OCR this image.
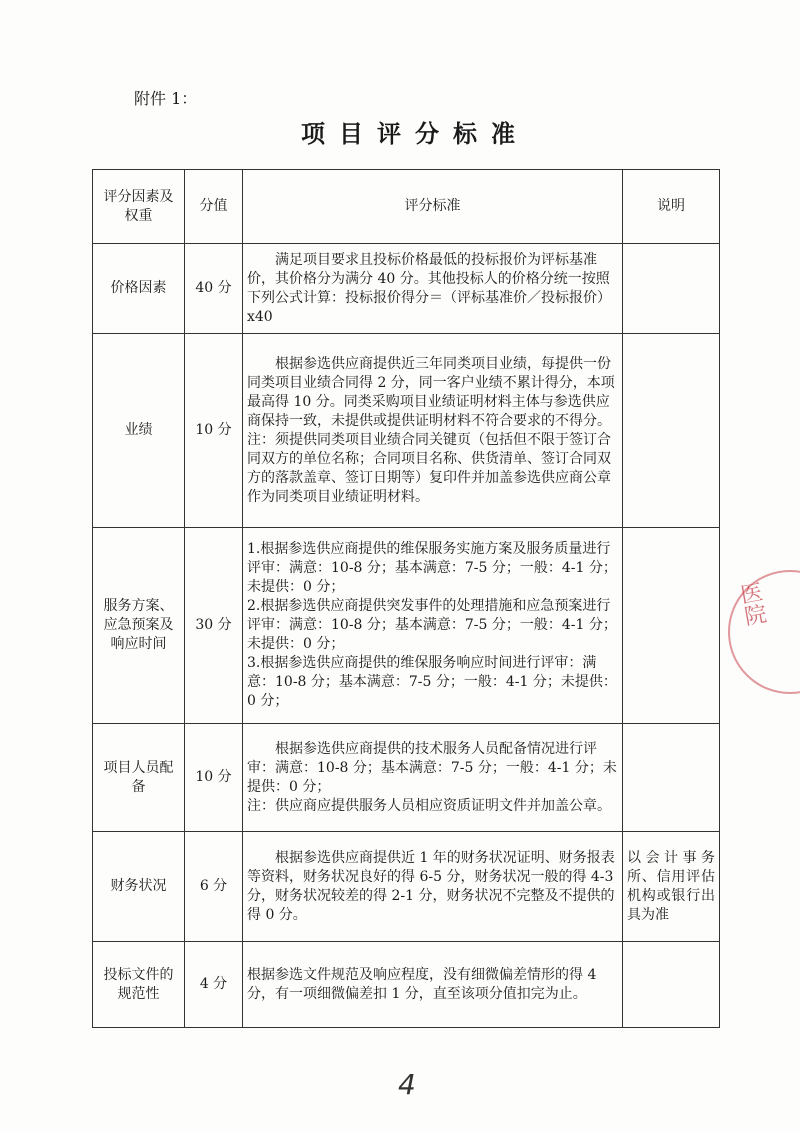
附件 1：
项目评分标准
评分因素及权重	分值	评分标准	说明
价格因素	40 分	满足项目要求且投标价格最低的投标报价为评标基准价，其价格分为满分 40 分。其他投标人的价格分统一按照下列公式计算：投标报价得分＝（评标基准价／投标报价）x40	

业绩	10 分	根据参选供应商提供近三年同类项目业绩，每提供一份同类项目业绩合同得 2 分，同一客户业绩不累计得分，本项最高得 10 分。同类采购项目业绩证明材料主体与参选供应商保持一致，未提供或提供证明材料不符合要求的不得分。
注：须提供同类项目业绩合同关键页（包括但不限于签订合同双方的单位名称；合同项目名称、供货清单、签订合同双方的落款盖章、签订日期等）复印件并加盖参选供应商公章作为同类项目业绩证明材料。	

服务方案、应急预案及响应时间	30 分	1.根据参选供应商提供的维保服务实施方案及服务质量进行评审：满意：10-8 分；基本满意：7-5 分；一般：4-1 分；未提供：0 分；
2.根据参选供应商提供突发事件的处理措施和应急预案进行评审：满意：10-8 分；基本满意：7-5 分；一般：4-1 分；未提供：0 分；
3.根据参选供应商提供的维保服务响应时间进行评审：满意：10-8 分；基本满意：7-5 分；一般：4-1 分；未提供：0 分；	

项目人员配备	10 分	根据参选供应商提供的技术服务人员配备情况进行评审：满意：10-8 分；基本满意：7-5 分；一般：4-1 分；未提供：0 分；
注：供应商应提供服务人员相应资质证明文件并加盖公章。	

财务状况	6 分	根据参选供应商提供近 1 年的财务状况证明、财务报表等资料，财务状况良好的得 6-5 分，财务状况一般的得 4-3 分，财务状况较差的得 2-1 分，财务状况不完整及不提供的得 0 分。	以会计事务所、信用评估机构或银行出具为准
投标文件的规范性	4 分	根据参选文件规范及响应程度，没有细微偏差情形的得 4 分，有一项细微偏差扣 1 分，直至该项分值扣完为止。	

医院
4
